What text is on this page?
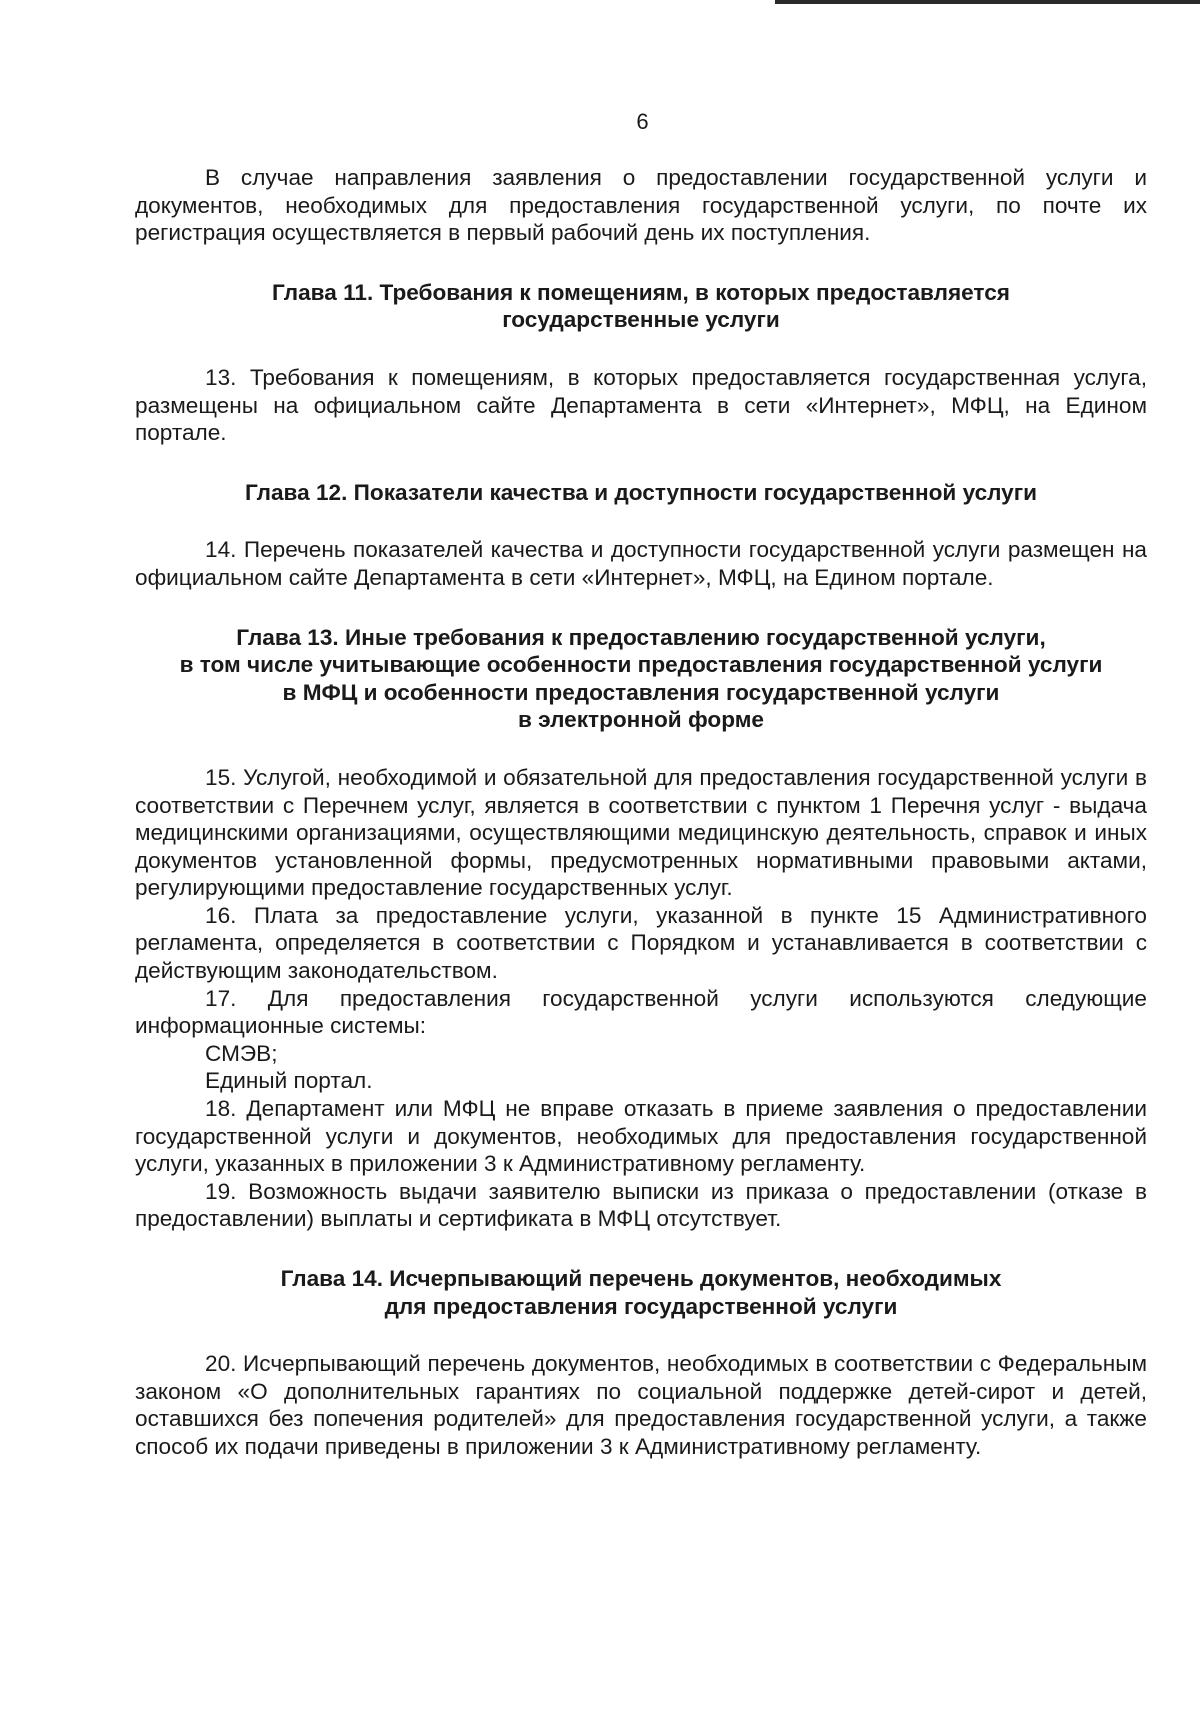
6

В случае направления заявления о предоставлении государственной услуги и документов, необходимых для предоставления государственной услуги, по почте их регистрация осуществляется в первый рабочий день их поступления.

Глава 11. Требования к помещениям, в которых предоставляется
государственные услуги

13. Требования к помещениям, в которых предоставляется государственная услуга, размещены на официальном сайте Департамента в сети «Интернет», МФЦ, на Едином портале.

Глава 12. Показатели качества и доступности государственной услуги

14. Перечень показателей качества и доступности государственной услуги размещен на официальном сайте Департамента в сети «Интернет», МФЦ, на Едином портале.

Глава 13. Иные требования к предоставлению государственной услуги,
в том числе учитывающие особенности предоставления государственной услуги
в МФЦ и особенности предоставления государственной услуги
в электронной форме

15. Услугой, необходимой и обязательной для предоставления государственной услуги в соответствии с Перечнем услуг, является в соответствии с пунктом 1 Перечня услуг - выдача медицинскими организациями, осуществляющими медицинскую деятельность, справок и иных документов установленной формы, предусмотренных нормативными правовыми актами, регулирующими предоставление государственных услуг.

16. Плата за предоставление услуги, указанной в пункте 15 Административного регламента, определяется в соответствии с Порядком и устанавливается в соответствии с действующим законодательством.

17. Для предоставления государственной услуги используются следующие информационные системы:

СМЭВ;

Единый портал.

18. Департамент или МФЦ не вправе отказать в приеме заявления о предоставлении государственной услуги и документов, необходимых для предоставления государственной услуги, указанных в приложении 3 к Административному регламенту.

19. Возможность выдачи заявителю выписки из приказа о предоставлении (отказе в предоставлении) выплаты и сертификата в МФЦ отсутствует.

Глава 14. Исчерпывающий перечень документов, необходимых
для предоставления государственной услуги

20. Исчерпывающий перечень документов, необходимых в соответствии с Федеральным законом «О дополнительных гарантиях по социальной поддержке детей-сирот и детей, оставшихся без попечения родителей» для предоставления государственной услуги, а также способ их подачи приведены в приложении 3 к Административному регламенту.
